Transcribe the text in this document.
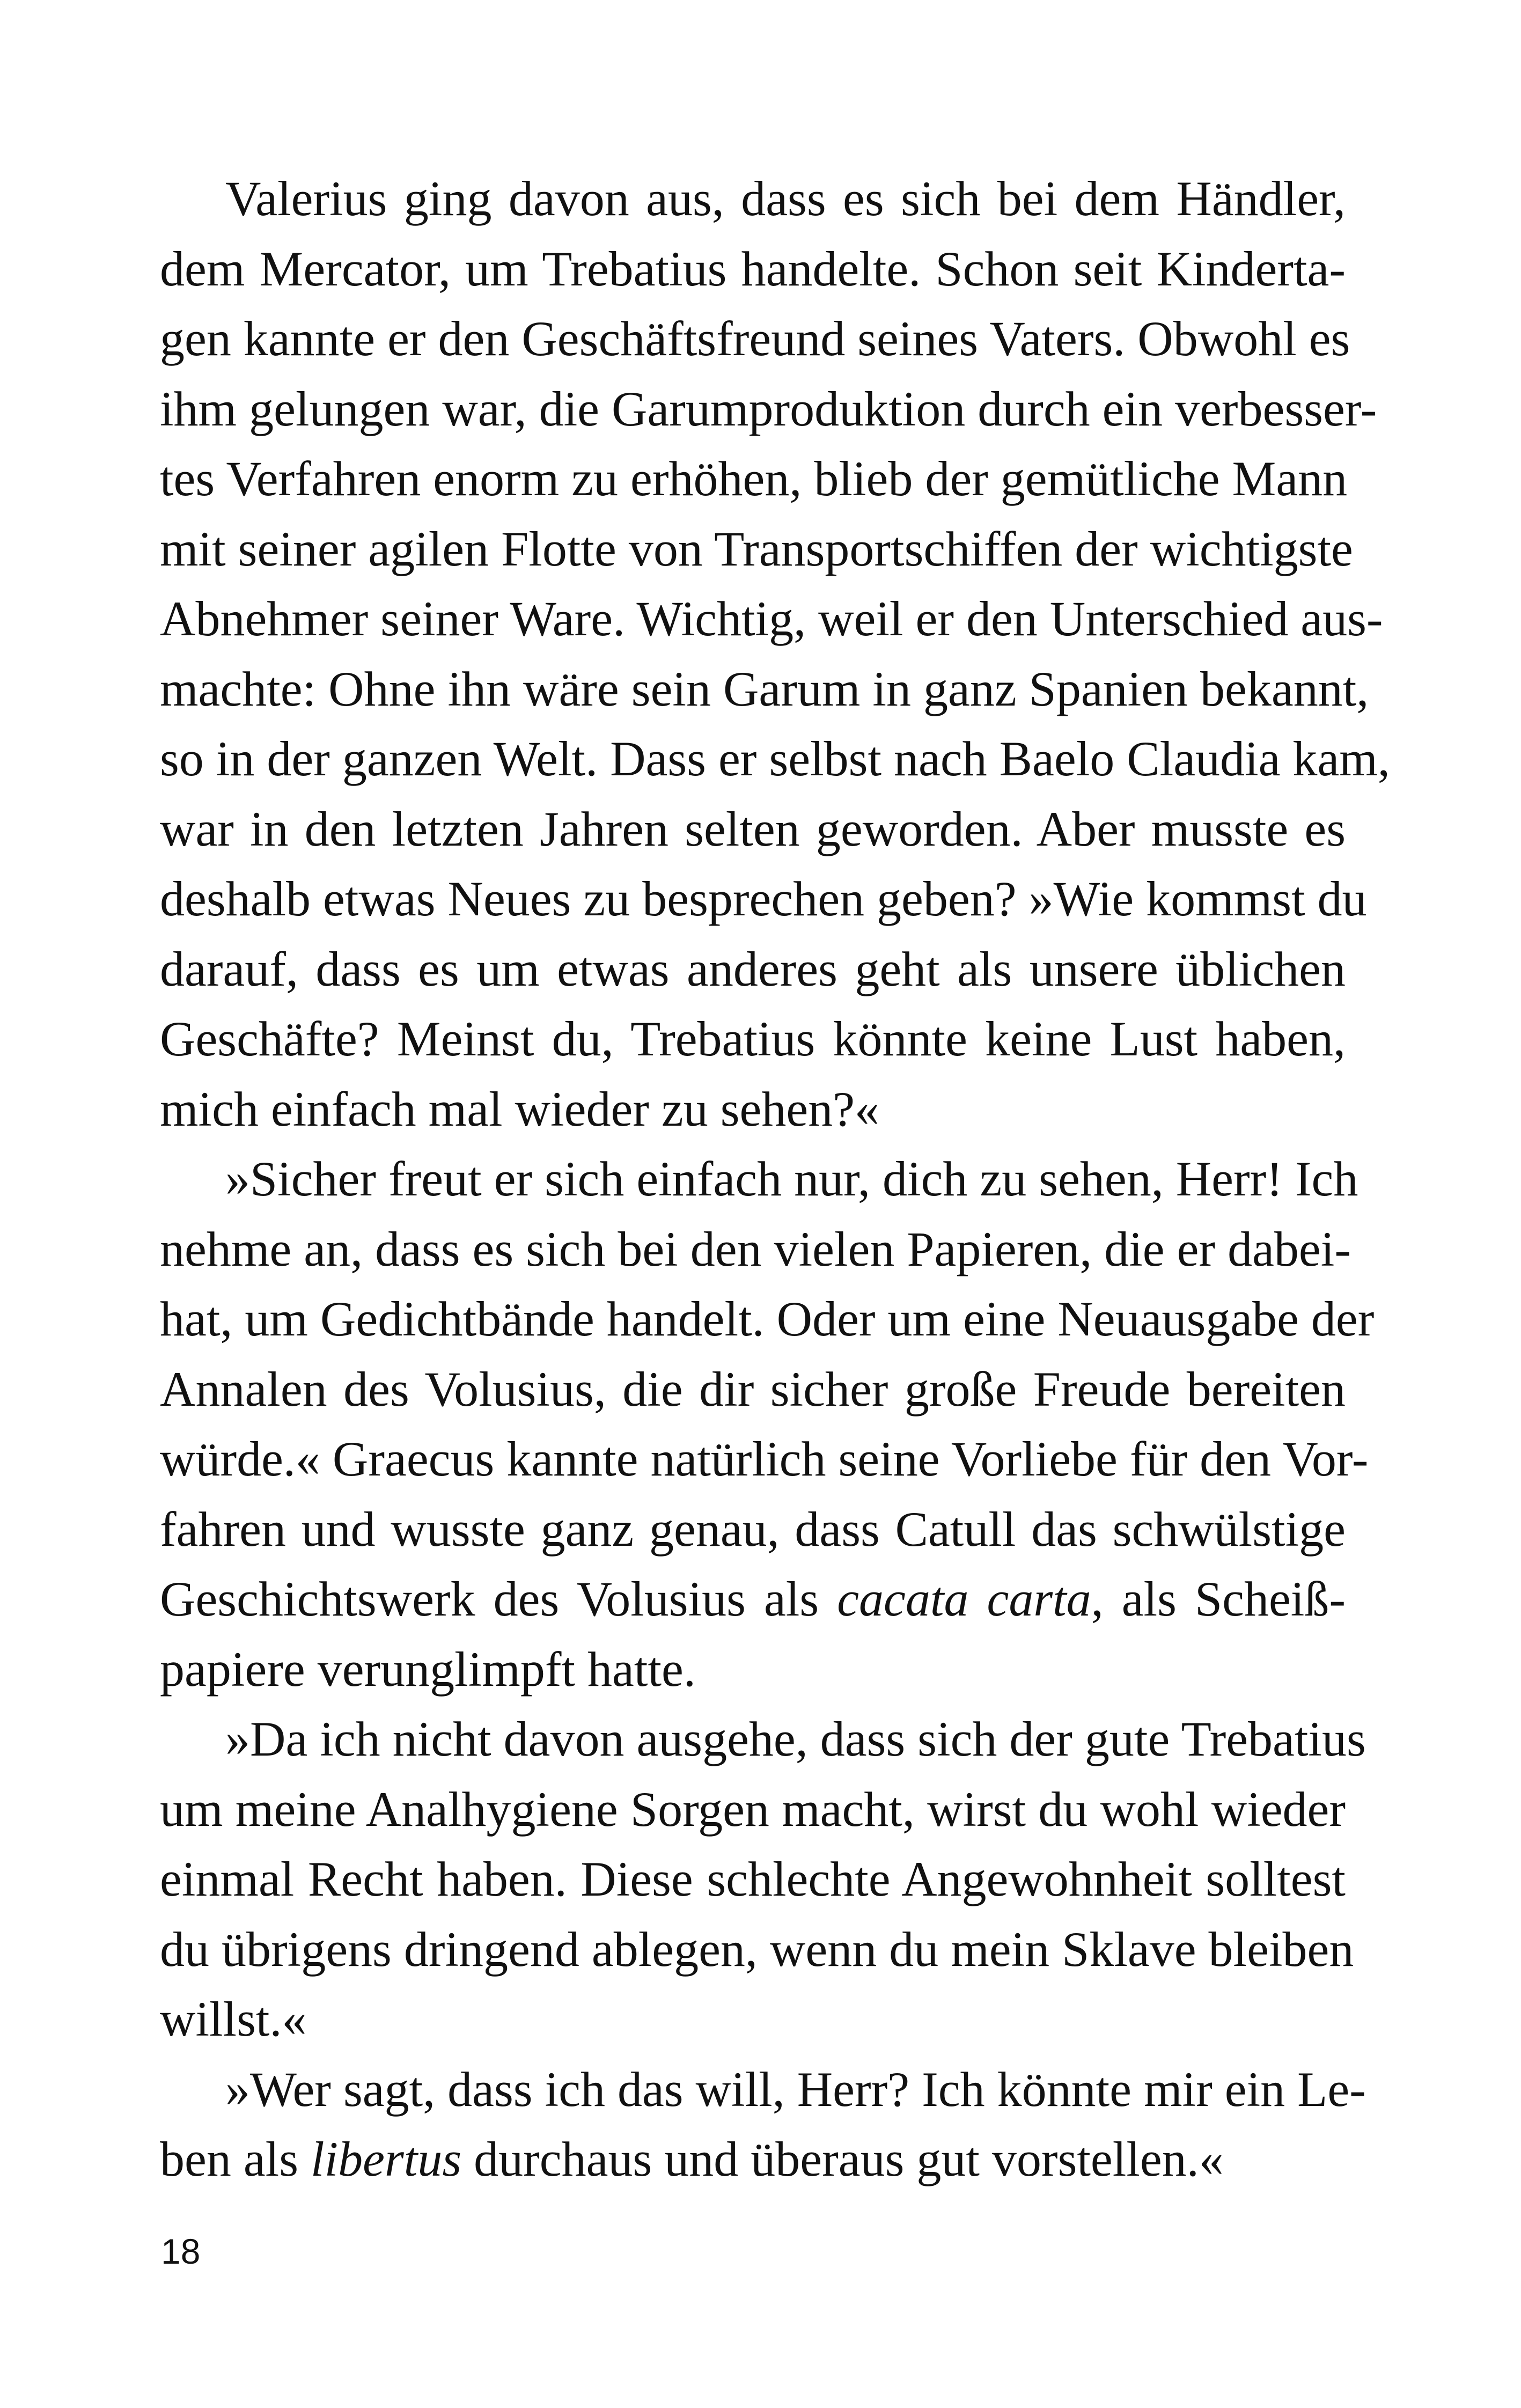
Valerius ging davon aus, dass es sich bei dem Händler,
dem Mercator, um Trebatius handelte. Schon seit Kinderta-
gen kannte er den Geschäftsfreund seines Vaters. Obwohl es
ihm gelungen war, die Garumproduktion durch ein verbesser-
tes Verfahren enorm zu erhöhen, blieb der gemütliche Mann
mit seiner agilen Flotte von Transportschiffen der wichtigste
Abnehmer seiner Ware. Wichtig, weil er den Unterschied aus-
machte: Ohne ihn wäre sein Garum in ganz Spanien bekannt,
so in der ganzen Welt. Dass er selbst nach Baelo Claudia kam,
war in den letzten Jahren selten geworden. Aber musste es
deshalb etwas Neues zu besprechen geben? »Wie kommst du
darauf, dass es um etwas anderes geht als unsere üblichen
Geschäfte? Meinst du, Trebatius könnte keine Lust haben,
mich einfach mal wieder zu sehen?«
»Sicher freut er sich einfach nur, dich zu sehen, Herr! Ich
nehme an, dass es sich bei den vielen Papieren, die er dabei-
hat, um Gedichtbände handelt. Oder um eine Neuausgabe der
Annalen des Volusius, die dir sicher große Freude bereiten
würde.« Graecus kannte natürlich seine Vorliebe für den Vor-
fahren und wusste ganz genau, dass Catull das schwülstige
Geschichtswerk des Volusius als cacata carta, als Scheiß-
papiere verunglimpft hatte.
»Da ich nicht davon ausgehe, dass sich der gute Trebatius
um meine Analhygiene Sorgen macht, wirst du wohl wieder
einmal Recht haben. Diese schlechte Angewohnheit solltest
du übrigens dringend ablegen, wenn du mein Sklave bleiben
willst.«
»Wer sagt, dass ich das will, Herr? Ich könnte mir ein Le-
ben als libertus durchaus und überaus gut vorstellen.«
18
